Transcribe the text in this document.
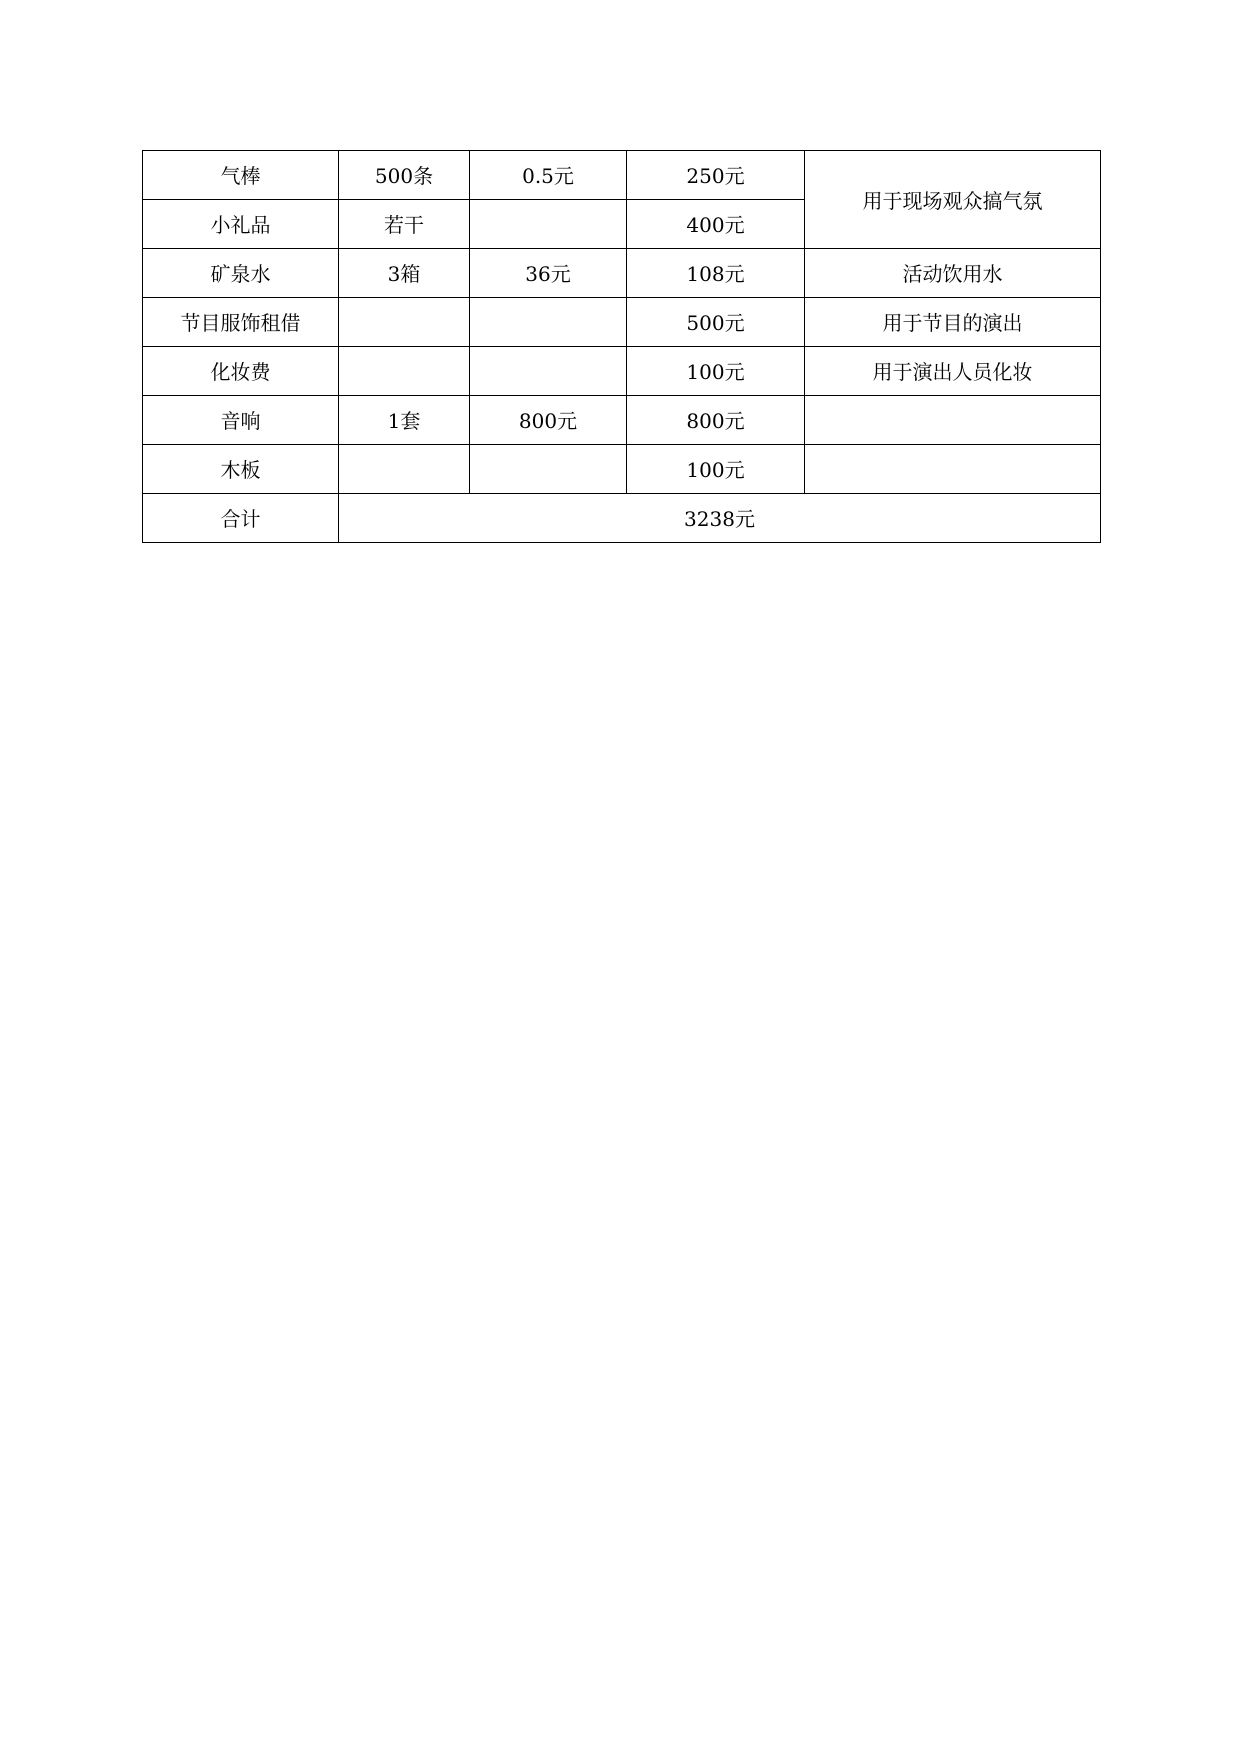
气棒	500条	0.5元	250元	用于现场观众搞气氛
小礼品	若干		400元	
矿泉水	3箱	36元	108元	活动饮用水
节目服饰租借			500元	用于节目的演出
化妆费			100元	用于演出人员化妆
音响	1套	800元	800元	
木板			100元	
合计	3238元			
